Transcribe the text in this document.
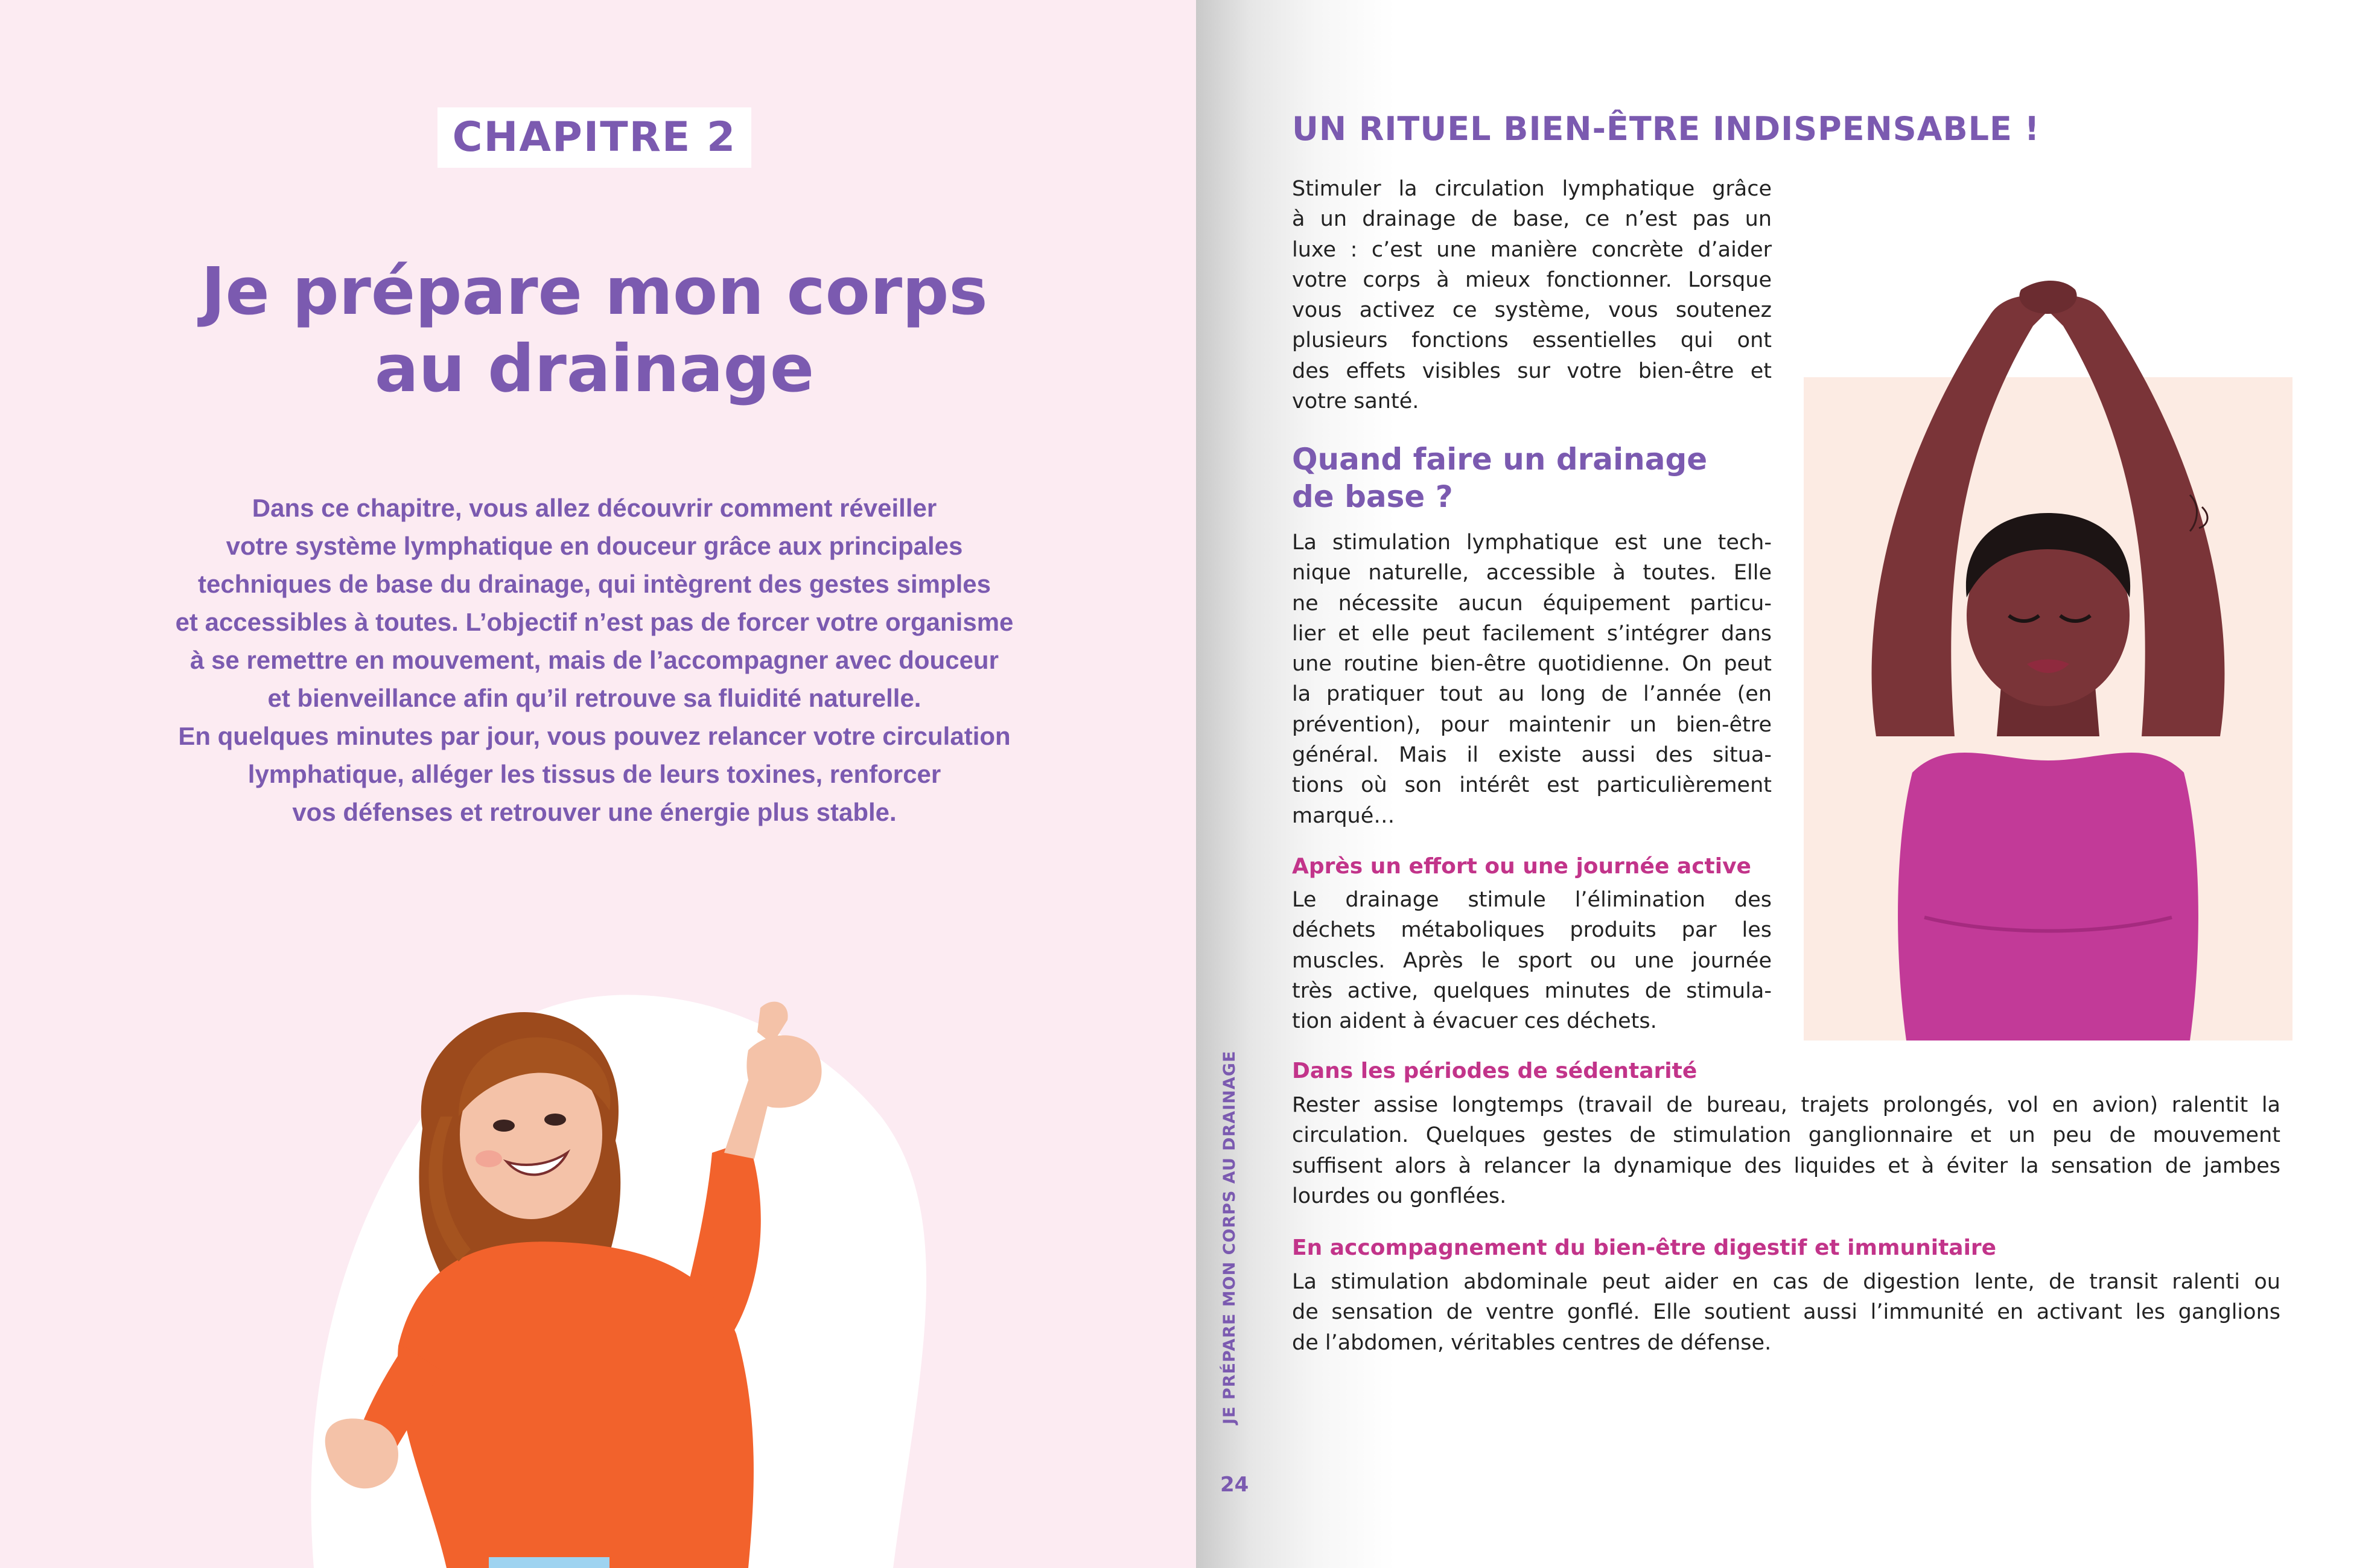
CHAPITRE 2
Je prépare mon corps
au drainage
Dans ce chapitre, vous allez découvrir comment réveiller
votre système lymphatique en douceur grâce aux principales
techniques de base du drainage, qui intègrent des gestes simples
et accessibles à toutes. L’objectif n’est pas de forcer votre organisme
à se remettre en mouvement, mais de l’accompagner avec douceur
et bienveillance afin qu’il retrouve sa fluidité naturelle.
En quelques minutes par jour, vous pouvez relancer votre circulation
lymphatique, alléger les tissus de leurs toxines, renforcer
vos défenses et retrouver une énergie plus stable.
UN RITUEL BIEN-ÊTRE INDISPENSABLE !
Stimuler la circulation lymphatique grâce
à un drainage de base, ce n’est pas un
luxe : c’est une manière concrète d’aider
votre corps à mieux fonctionner. Lorsque
vous activez ce système, vous soutenez
plusieurs fonctions essentielles qui ont
des effets visibles sur votre bien-être et
votre santé.
Quand faire un drainage
de base ?
La stimulation lymphatique est une tech-
nique naturelle, accessible à toutes. Elle
ne nécessite aucun équipement particu-
lier et elle peut facilement s’intégrer dans
une routine bien-être quotidienne. On peut
la pratiquer tout au long de l’année (en
prévention), pour maintenir un bien-être
général. Mais il existe aussi des situa-
tions où son intérêt est particulièrement
marqué…
Après un effort ou une journée active
Le drainage stimule l’élimination des
déchets métaboliques produits par les
muscles. Après le sport ou une journée
très active, quelques minutes de stimula-
tion aident à évacuer ces déchets.
Dans les périodes de sédentarité
Rester assise longtemps (travail de bureau, trajets prolongés, vol en avion) ralentit la
circulation. Quelques gestes de stimulation ganglionnaire et un peu de mouvement
suffisent alors à relancer la dynamique des liquides et à éviter la sensation de jambes
lourdes ou gonflées.
En accompagnement du bien-être digestif et immunitaire
La stimulation abdominale peut aider en cas de digestion lente, de transit ralenti ou
de sensation de ventre gonflé. Elle soutient aussi l’immunité en activant les ganglions
de l’abdomen, véritables centres de défense.
JE PRÉPARE MON CORPS AU DRAINAGE
24
